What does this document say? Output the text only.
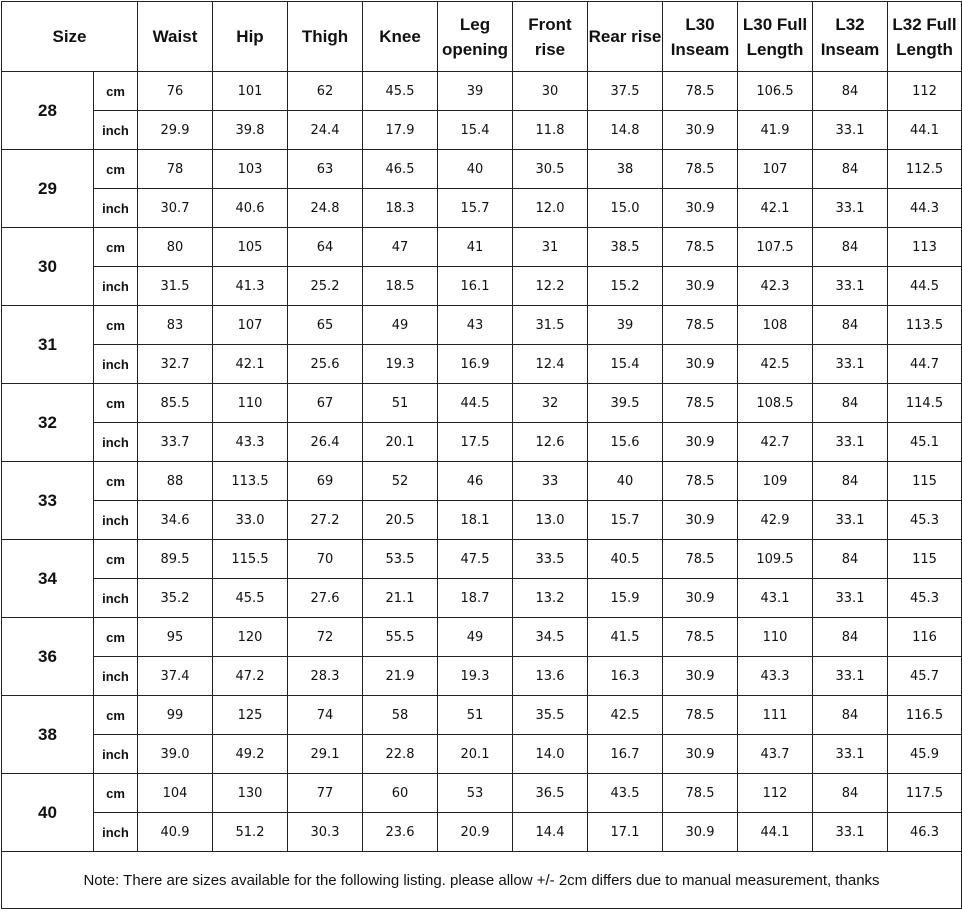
Size		Waist	Hip	Thigh	Knee	Leg opening	Front rise	Rear rise	L30 Inseam	L30 Full Length	L32 Inseam	L32 Full Length
28	cm	76	101	62	45.5	39	30	37.5	78.5	106.5	84	112
	inch	29.9	39.8	24.4	17.9	15.4	11.8	14.8	30.9	41.9	33.1	44.1
29	cm	78	103	63	46.5	40	30.5	38	78.5	107	84	112.5
	inch	30.7	40.6	24.8	18.3	15.7	12.0	15.0	30.9	42.1	33.1	44.3
30	cm	80	105	64	47	41	31	38.5	78.5	107.5	84	113
	inch	31.5	41.3	25.2	18.5	16.1	12.2	15.2	30.9	42.3	33.1	44.5
31	cm	83	107	65	49	43	31.5	39	78.5	108	84	113.5
	inch	32.7	42.1	25.6	19.3	16.9	12.4	15.4	30.9	42.5	33.1	44.7
32	cm	85.5	110	67	51	44.5	32	39.5	78.5	108.5	84	114.5
	inch	33.7	43.3	26.4	20.1	17.5	12.6	15.6	30.9	42.7	33.1	45.1
33	cm	88	113.5	69	52	46	33	40	78.5	109	84	115
	inch	34.6	33.0	27.2	20.5	18.1	13.0	15.7	30.9	42.9	33.1	45.3
34	cm	89.5	115.5	70	53.5	47.5	33.5	40.5	78.5	109.5	84	115
	inch	35.2	45.5	27.6	21.1	18.7	13.2	15.9	30.9	43.1	33.1	45.3
36	cm	95	120	72	55.5	49	34.5	41.5	78.5	110	84	116
	inch	37.4	47.2	28.3	21.9	19.3	13.6	16.3	30.9	43.3	33.1	45.7
38	cm	99	125	74	58	51	35.5	42.5	78.5	111	84	116.5
	inch	39.0	49.2	29.1	22.8	20.1	14.0	16.7	30.9	43.7	33.1	45.9
40	cm	104	130	77	60	53	36.5	43.5	78.5	112	84	117.5
	inch	40.9	51.2	30.3	23.6	20.9	14.4	17.1	30.9	44.1	33.1	46.3
Note: There are sizes available for the following listing. please allow +/- 2cm differs due to manual measurement, thanks												
